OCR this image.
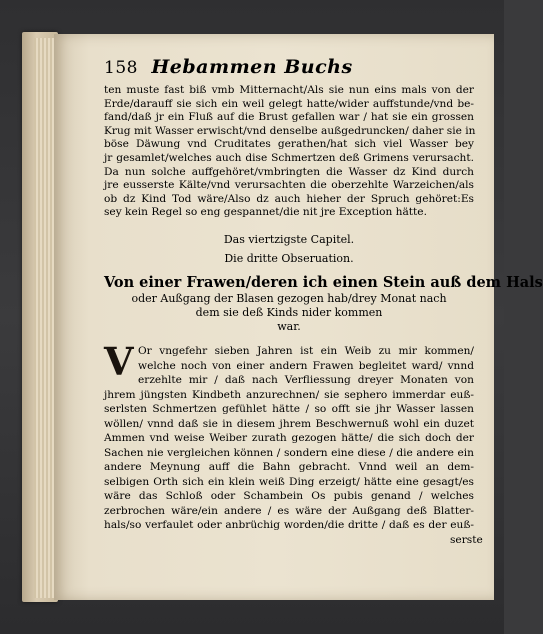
158 Hebammen Buchs
ten muste fast biß vmb Mitternacht/Als sie nun eins mals von der
Erde/darauff sie sich ein weil gelegt hatte/wider auffstunde/vnd be-
fand/daß jr ein Fluß auf die Brust gefallen war / hat sie ein grossen
Krug mit Wasser erwischt/vnd denselbe außgedruncken/ daher sie in
böse Däwung vnd Cruditates gerathen/hat sich viel Wasser bey
jr gesamlet/welches auch dise Schmertzen deß Grimens verursacht.
Da nun solche auffgehöret/vmbringten die Wasser dz Kind durch
jre eusserste Kälte/vnd verursachten die oberzehlte Warzeichen/als
ob dz Kind Tod wäre/Also dz auch hieher der Spruch gehöret:Es
sey kein Regel so eng gespannet/die nit jre Exception hätte.
Das viertzigste Capitel.
Die dritte Obseruation.
Von einer Frawen/deren ich einen Stein auß dem Hals
oder Außgang der Blasen gezogen hab/drey Monat nach
dem sie deß Kinds nider kommen
war.
V Or vngefehr sieben Jahren ist ein Weib zu mir kommen/
welche noch von einer andern Frawen begleitet ward/ vnnd
erzehlte mir / daß nach Verfliessung dreyer Monaten von
jhrem jüngsten Kindbeth anzurechnen/ sie sephero immerdar euß-
serlsten Schmertzen gefühlet hätte / so offt sie jhr Wasser lassen
wöllen/ vnnd daß sie in diesem jhrem Beschwernuß wohl ein duzet
Ammen vnd weise Weiber zurath gezogen hätte/ die sich doch der
Sachen nie vergleichen können / sondern eine diese / die andere ein
andere Meynung auff die Bahn gebracht. Vnnd weil an dem-
selbigen Orth sich ein klein weiß Ding erzeigt/ hätte eine gesagt/es
wäre das Schloß oder Schambein Os pubis genand / welches
zerbrochen wäre/ein andere / es wäre der Außgang deß Blatter-
hals/so verfaulet oder anbrüchig worden/die dritte / daß es der euß-
serste
